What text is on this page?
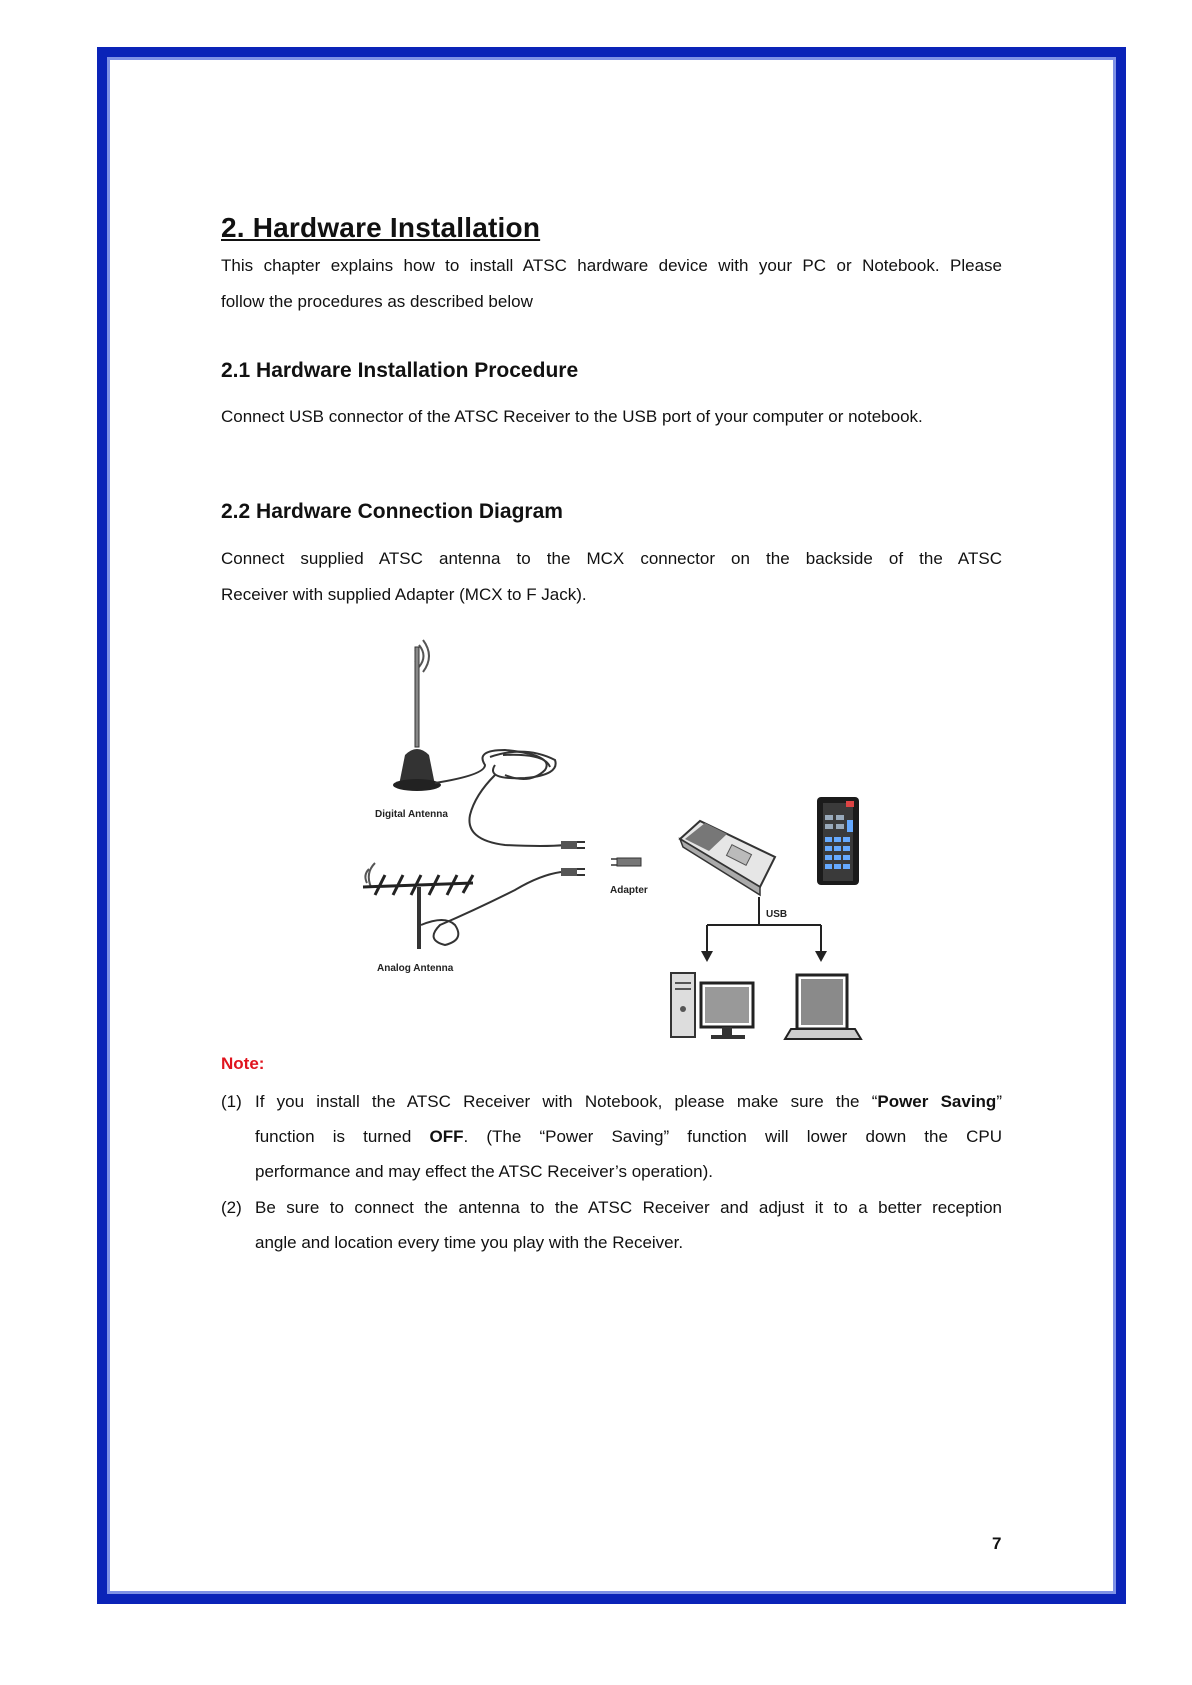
2. Hardware Installation

This chapter explains how to install ATSC hardware device with your PC or Notebook. Please

follow the procedures as described below

2.1 Hardware Installation Procedure

Connect USB connector of the ATSC Receiver to the USB port of your computer or notebook.

2.2 Hardware Connection Diagram

Connect supplied ATSC antenna to the MCX connector on the backside of the ATSC

Receiver with supplied Adapter (MCX to F Jack).

Digital Antenna
Adapter
Analog Antenna
USB
Note:
(1) If you install the ATSC Receiver with Notebook, please make sure the “Power Saving”
function is turned OFF. (The “Power Saving” function will lower down the CPU
performance and may effect the ATSC Receiver’s operation).
(2) Be sure to connect the antenna to the ATSC Receiver and adjust it to a better reception
angle and location every time you play with the Receiver.
7
